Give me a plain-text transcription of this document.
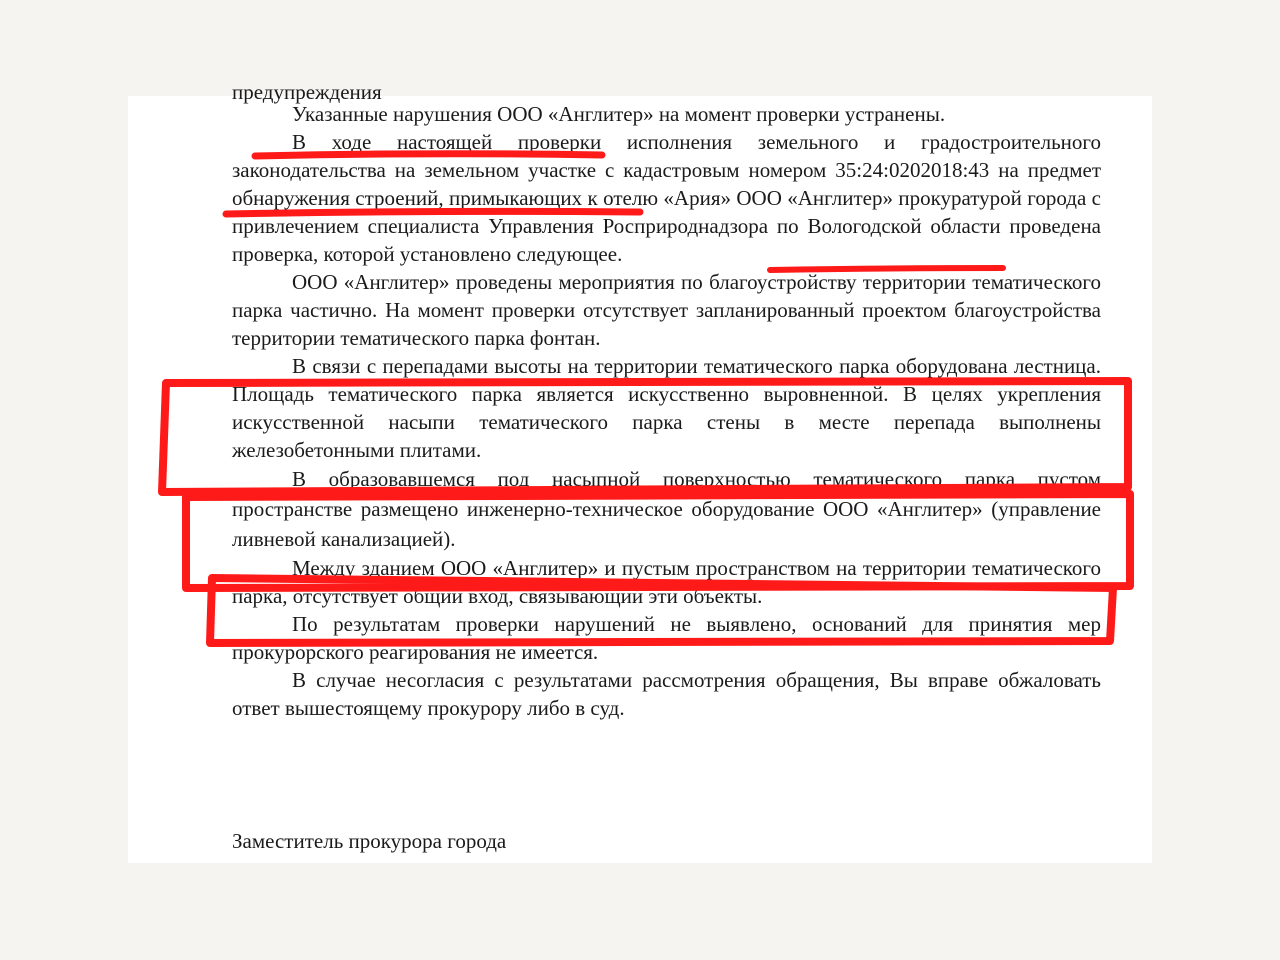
предупреждения

Указанные нарушения ООО «Англитер» на момент проверки устранены.

В ходе настоящей проверки исполнения земельного и градостроительного законодательства на земельном участке с кадастровым номером 35:24:0202018:43 на предмет обнаружения строений, примыкающих к отелю «Ария» ООО «Англитер» прокуратурой города с привлечением специалиста Управления Росприроднадзора по Вологодской области проведена проверка, которой установлено следующее.

ООО «Англитер» проведены мероприятия по благоустройству территории тематического парка частично. На момент проверки отсутствует запланированный проектом благоустройства территории тематического парка фонтан.

В связи с перепадами высоты на территории тематического парка оборудована лестница. Площадь тематического парка является искусственно выровненной. В целях укрепления искусственной насыпи тематического парка стены в месте перепада выполнены железобетонными плитами.

В образовавшемся под насыпной поверхностью тематического парка пустом пространстве размещено инженерно-техническое оборудование ООО «Англитер» (управление ливневой канализацией).

Между зданием ООО «Англитер» и пустым пространством на территории тематического парка, отсутствует общий вход, связывающий эти объекты.

По результатам проверки нарушений не выявлено, оснований для принятия мер прокурорского реагирования не имеется.

В случае несогласия с результатами рассмотрения обращения, Вы вправе обжаловать ответ вышестоящему прокурору либо в суд.

Заместитель прокурора города
